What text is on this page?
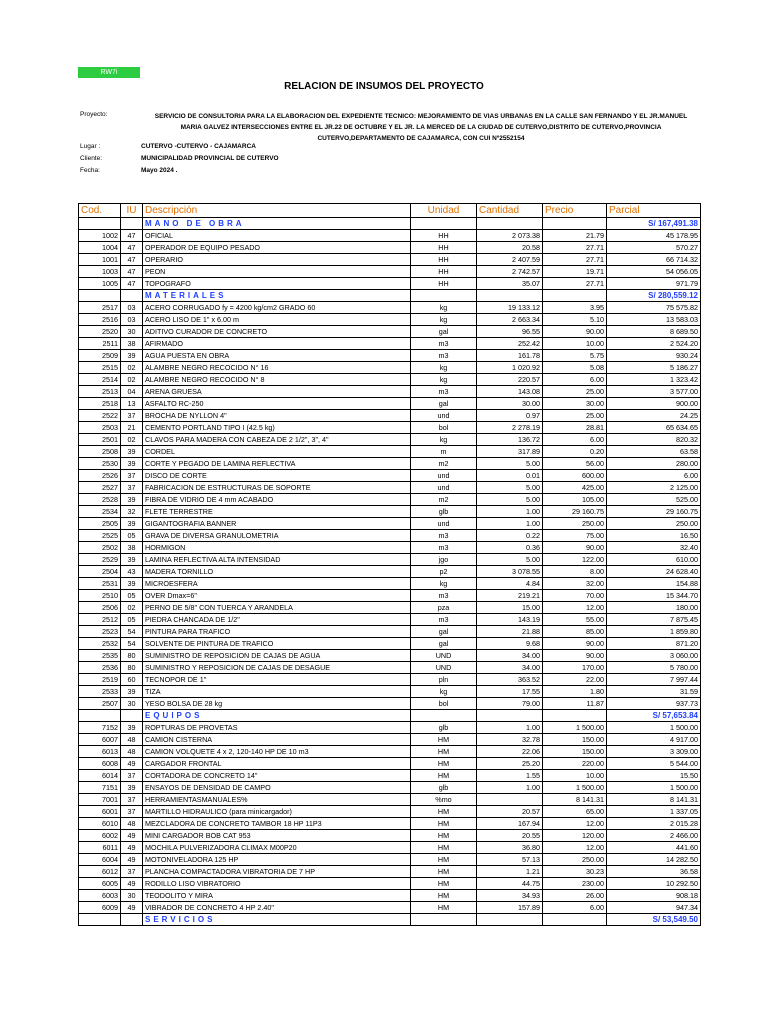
RW7i
RELACION DE INSUMOS DEL PROYECTO
Proyecto:	SERVICIO DE CONSULTORIA PARA LA ELABORACION DEL EXPEDIENTE TECNICO: MEJORAMIENTO DE VIAS URBANAS EN LA CALLE SAN FERNANDO Y EL JR.MANUEL
MARIA GALVEZ INTERSECCIONES ENTRE EL JR.22 DE OCTUBRE Y EL JR. LA MERCED DE LA CIUDAD DE CUTERVO,DISTRITO DE CUTERVO,PROVINCIA
CUTERVO,DEPARTAMENTO DE CAJAMARCA, CON CUI Nº2552154
Lugar :	CUTERVO -CUTERVO - CAJAMARCA
Cliente:	MUNICIPALIDAD PROVINCIAL DE CUTERVO
Fecha:	Mayo 2024 .
Cod.	IU	Descripción	Unidad	Cantidad	Precio	Parcial
		MANO DE OBRA				S/ 167,491.38
1002	47	OFICIAL	HH	2 073.38	21.79	45 178.95
1004	47	OPERADOR DE EQUIPO PESADO	HH	20.58	27.71	570.27
1001	47	OPERARIO	HH	2 407.59	27.71	66 714.32
1003	47	PEON	HH	2 742.57	19.71	54 056.05
1005	47	TOPOGRAFO	HH	35.07	27.71	971.79
		MATERIALES				S/ 280,559.12
2517	03	ACERO CORRUGADO fy = 4200 kg/cm2 GRADO 60	kg	19 133.12	3.95	75 575.82
2516	03	ACERO LISO DE 1" x 6.00 m	kg	2 663.34	5.10	13 583.03
2520	30	ADITIVO CURADOR DE CONCRETO	gal	96.55	90.00	8 689.50
2511	38	AFIRMADO	m3	252.42	10.00	2 524.20
2509	39	AGUA PUESTA EN OBRA	m3	161.78	5.75	930.24
2515	02	ALAMBRE NEGRO RECOCIDO N° 16	kg	1 020.92	5.08	5 186.27
2514	02	ALAMBRE NEGRO RECOCIDO N° 8	kg	220.57	6.00	1 323.42
2513	04	ARENA GRUESA	m3	143.08	25.00	3 577.00
2518	13	ASFALTO RC-250	gal	30.00	30.00	900.00
2522	37	BROCHA DE NYLLON 4"	und	0.97	25.00	24.25
2503	21	CEMENTO PORTLAND TIPO I (42.5 kg)	bol	2 278.19	28.81	65 634.65
2501	02	CLAVOS PARA MADERA CON CABEZA DE 2 1/2", 3", 4"	kg	136.72	6.00	820.32
2508	39	CORDEL	m	317.89	0.20	63.58
2530	39	CORTE Y PEGADO DE LAMINA REFLECTIVA	m2	5.00	56.00	280.00
2526	37	DISCO DE CORTE	und	0.01	600.00	6.00
2527	37	FABRICACION DE ESTRUCTURAS DE SOPORTE	und	5.00	425.00	2 125.00
2528	39	FIBRA DE VIDRIO DE 4 mm ACABADO	m2	5.00	105.00	525.00
2534	32	FLETE TERRESTRE	glb	1.00	29 160.75	29 160.75
2505	39	GIGANTOGRAFIA BANNER	und	1.00	250.00	250.00
2525	05	GRAVA DE DIVERSA GRANULOMETRIA	m3	0.22	75.00	16.50
2502	38	HORMIGON	m3	0.36	90.00	32.40
2529	39	LAMINA REFLECTIVA ALTA INTENSIDAD	jgo	5.00	122.00	610.00
2504	43	MADERA TORNILLO	p2	3 078.55	8.00	24 628.40
2531	39	MICROESFERA	kg	4.84	32.00	154.88
2510	05	OVER Dmax=6"	m3	219.21	70.00	15 344.70
2506	02	PERNO DE 5/8" CON TUERCA Y ARANDELA	pza	15.00	12.00	180.00
2512	05	PIEDRA CHANCADA DE 1/2"	m3	143.19	55.00	7 875.45
2523	54	PINTURA PARA TRAFICO	gal	21.88	85.00	1 859.80
2532	54	SOLVENTE DE PINTURA DE TRAFICO	gal	9.68	90.00	871.20
2535	80	SUMINISTRO DE REPOSICION DE CAJAS DE AGUA	UND	34.00	90.00	3 060.00
2536	80	SUMINISTRO Y REPOSICION DE CAJAS DE DESAGUE	UND	34.00	170.00	5 780.00
2519	60	TECNOPOR DE 1"	pln	363.52	22.00	7 997.44
2533	39	TIZA	kg	17.55	1.80	31.59
2507	30	YESO BOLSA DE 28 kg	bol	79.00	11.87	937.73
		EQUIPOS				S/ 57,653.84
7152	39	ROPTURAS DE PROVETAS	glb	1.00	1 500.00	1 500.00
6007	48	CAMION CISTERNA	HM	32.78	150.00	4 917.00
6013	48	CAMION VOLQUETE 4 x 2, 120-140 HP DE 10 m3	HM	22.06	150.00	3 309.00
6008	49	CARGADOR FRONTAL	HM	25.20	220.00	5 544.00
6014	37	CORTADORA DE CONCRETO 14"	HM	1.55	10.00	15.50
7151	39	ENSAYOS DE DENSIDAD DE CAMPO	glb	1.00	1 500.00	1 500.00
7001	37	HERRAMIENTASMANUALES%	%mo		8 141.31	8 141.31
6001	37	MARTILLO HIDRAULICO (para minicargador)	HM	20.57	65.00	1 337.05
6010	48	MEZCLADORA DE CONCRETO TAMBOR 18 HP 11P3	HM	167.94	12.00	2 015.28
6002	49	MINI CARGADOR BOB CAT 953	HM	20.55	120.00	2 466.00
6011	49	MOCHILA PULVERIZADORA CLIMAX M00P20	HM	36.80	12.00	441.60
6004	49	MOTONIVELADORA 125 HP	HM	57.13	250.00	14 282.50
6012	37	PLANCHA COMPACTADORA VIBRATORIA DE 7 HP	HM	1.21	30.23	36.58
6005	49	RODILLO LISO VIBRATORIO	HM	44.75	230.00	10 292.50
6003	30	TEODOLITO Y MIRA	HM	34.93	26.00	908.18
6009	49	VIBRADOR DE CONCRETO 4 HP 2.40"	HM	157.89	6.00	947.34
		SERVICIOS				S/ 53,549.50
